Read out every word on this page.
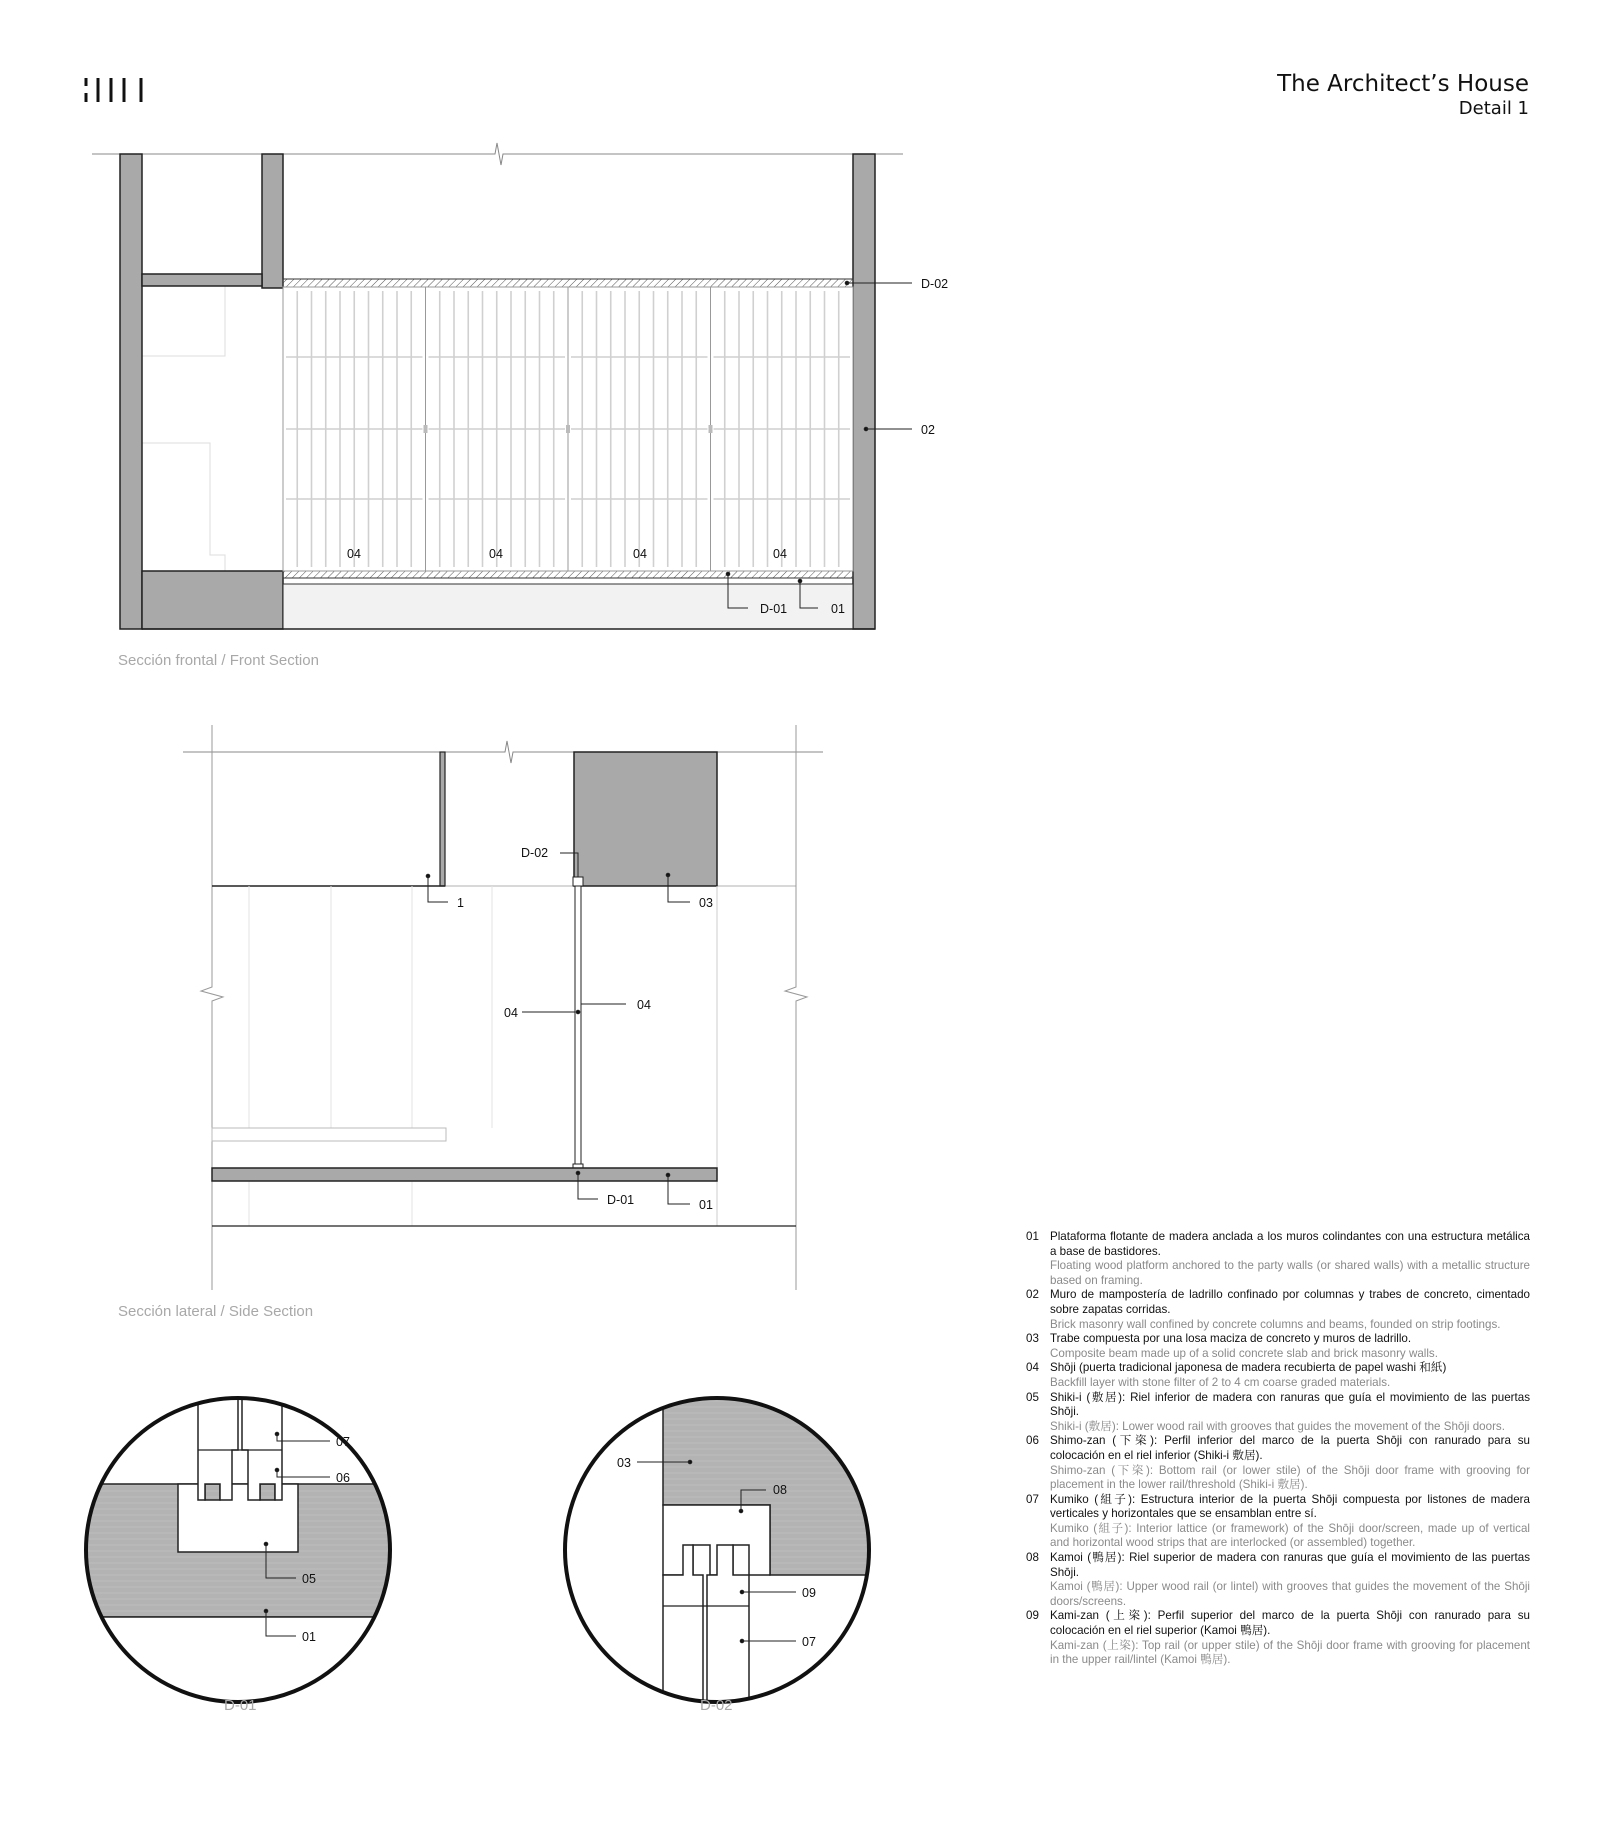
D-02
02
04	04	04	04
D-01	01
D-02
1	03
04
04
D-01	01
07
06
05
01
03
08
09
07
The Architect’s House
Detail 1
Sección frontal / Front Section
Sección lateral / Side Section
D-01	D-02
01 Plataforma flotante de madera anclada a los muros colindantes con una estructura metálica a base de bastidores.
Floating wood platform anchored to the party walls (or shared walls) with a metallic structure based on framing.
02 Muro de mampostería de ladrillo confinado por columnas y trabes de concreto, cimentado sobre zapatas corridas.
Brick masonry wall confined by concrete columns and beams, founded on strip footings.
03 Trabe compuesta por una losa maciza de concreto y muros de ladrillo.
Composite beam made up of a solid concrete slab and brick masonry walls.
04 Shōji (puerta tradicional japonesa de madera recubierta de papel washi 和紙)
Backfill layer with stone filter of 2 to 4 cm coarse graded materials.
05 Shiki-i (敷居): Riel inferior de madera con ranuras que guía el movimiento de las puertas Shōji.
Shiki-i (敷居): Lower wood rail with grooves that guides the movement of the Shōji doors.
06 Shimo-zan (下栥): Perfil inferior del marco de la puerta Shōji con ranurado para su colocación en el riel inferior (Shiki-i 敷居).
Shimo-zan (下栥): Bottom rail (or lower stile) of the Shōji door frame with grooving for placement in the lower rail/threshold (Shiki-i 敷居).
07 Kumiko (組子): Estructura interior de la puerta Shōji compuesta por listones de madera verticales y horizontales que se ensamblan entre sí.
Kumiko (組子): Interior lattice (or framework) of the Shōji door/screen, made up of vertical and horizontal wood strips that are interlocked (or assembled) together.
08 Kamoi (鴨居): Riel superior de madera con ranuras que guía el movimiento de las puertas Shōji.
Kamoi (鴨居): Upper wood rail (or lintel) with grooves that guides the movement of the Shōji doors/screens.
09 Kami-zan (上栥): Perfil superior del marco de la puerta Shōji con ranurado para su colocación en el riel superior (Kamoi 鴨居).
Kami-zan (上栥): Top rail (or upper stile) of the Shōji door frame with grooving for placement in the upper rail/lintel (Kamoi 鴨居).
